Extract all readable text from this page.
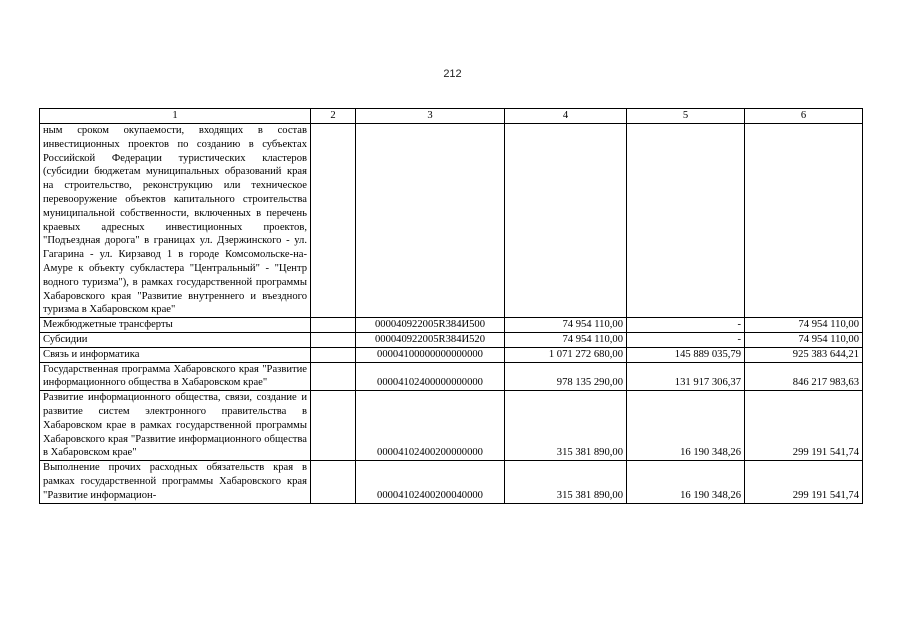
212
1	2	3	4	5	6
ным сроком окупаемости, входящих в состав инвестиционных проектов по созданию в субъектах Российской Федерации туристических кластеров (субсидии бюджетам муниципальных образований края на строительство, реконструкцию или техническое перевооружение объектов капитального строительства муниципальной собственности, включенных в перечень краевых адресных инвестиционных проектов, "Подъездная дорога" в границах ул. Дзержинского - ул. Гагарина - ул. Кирзавод 1 в городе Комсомольске-на-Амуре к объекту субкластера "Центральный" - "Центр водного туризма"), в рамках государственной программы Хабаровского края "Развитие внутреннего и въездного туризма в Хабаровском крае"					
Межбюджетные трансферты		000040922005R384И500	74 954 110,00	-	74 954 110,00
Субсидии		000040922005R384И520	74 954 110,00	-	74 954 110,00
Связь и информатика		00004100000000000000	1 071 272 680,00	145 889 035,79	925 383 644,21
Государственная программа Хабаровского края "Развитие информационного общества в Хабаровском крае"		00004102400000000000	978 135 290,00	131 917 306,37	846 217 983,63
Развитие информационного общества, связи, создание и развитие систем электронного правительства в Хабаровском крае в рамках государственной программы Хабаровского края "Развитие информационного общества в Хабаровском крае"		00004102400200000000	315 381 890,00	16 190 348,26	299 191 541,74
Выполнение прочих расходных обязательств края в рамках государственной программы Хабаровского края "Развитие информацион-		00004102400200040000	315 381 890,00	16 190 348,26	299 191 541,74
